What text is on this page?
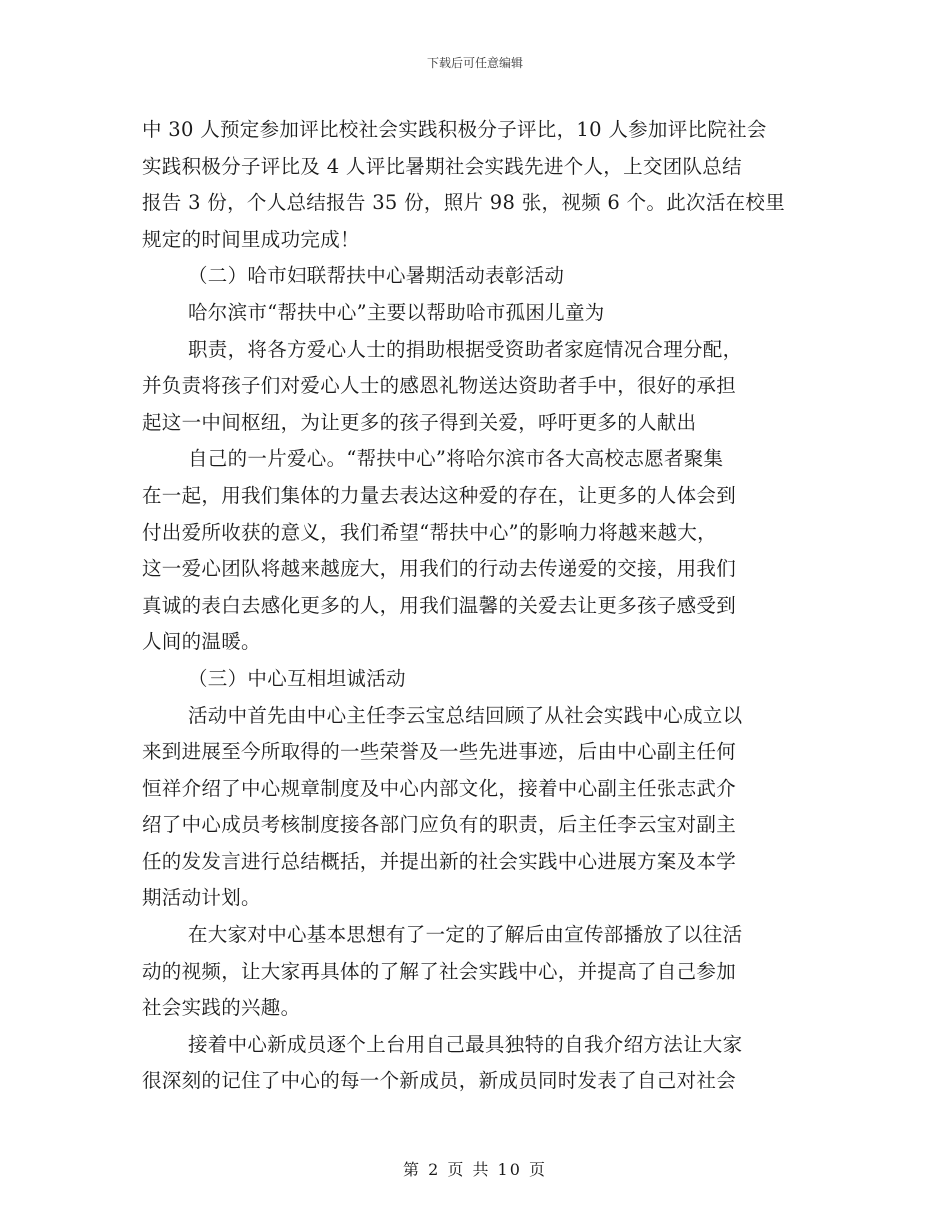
下载后可任意编辑
中 30 人预定参加评比校社会实践积极分子评比，10 人参加评比院社会
实践积极分子评比及 4 人评比暑期社会实践先进个人，上交团队总结
报告 3 份，个人总结报告 35 份，照片 98 张，视频 6 个。此次活在校里
规定的时间里成功完成！
（二）哈市妇联帮扶中心暑期活动表彰活动
哈尔滨市“帮扶中心”主要以帮助哈市孤困儿童为
职责，将各方爱心人士的捐助根据受资助者家庭情况合理分配，
并负责将孩子们对爱心人士的感恩礼物送达资助者手中，很好的承担
起这一中间枢纽，为让更多的孩子得到关爱，呼吁更多的人献出
自己的一片爱心。“帮扶中心”将哈尔滨市各大高校志愿者聚集
在一起，用我们集体的力量去表达这种爱的存在，让更多的人体会到
付出爱所收获的意义，我们希望“帮扶中心”的影响力将越来越大，
这一爱心团队将越来越庞大，用我们的行动去传递爱的交接，用我们
真诚的表白去感化更多的人，用我们温馨的关爱去让更多孩子感受到
人间的温暖。
（三）中心互相坦诚活动
活动中首先由中心主任李云宝总结回顾了从社会实践中心成立以
来到进展至今所取得的一些荣誉及一些先进事迹，后由中心副主任何
恒祥介绍了中心规章制度及中心内部文化，接着中心副主任张志武介
绍了中心成员考核制度接各部门应负有的职责，后主任李云宝对副主
任的发发言进行总结概括，并提出新的社会实践中心进展方案及本学
期活动计划。
在大家对中心基本思想有了一定的了解后由宣传部播放了以往活
动的视频，让大家再具体的了解了社会实践中心，并提高了自己参加
社会实践的兴趣。
接着中心新成员逐个上台用自己最具独特的自我介绍方法让大家
很深刻的记住了中心的每一个新成员，新成员同时发表了自己对社会
第 2 页 共 10 页
